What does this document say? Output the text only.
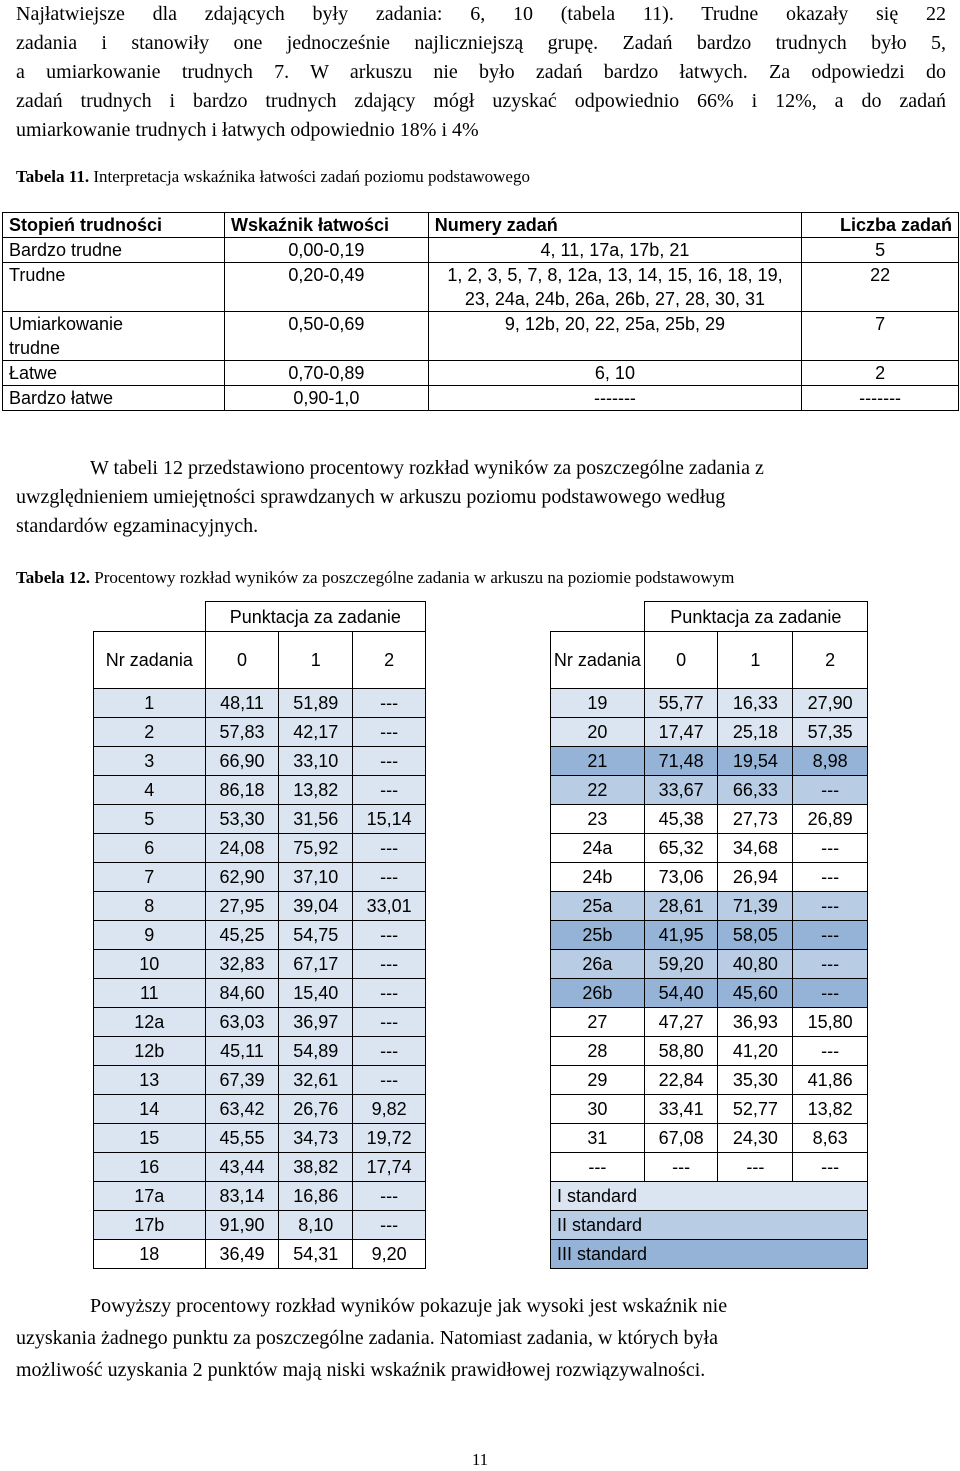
Najłatwiejsze dla zdających były zadania: 6, 10 (tabela 11). Trudne okazały się 22
zadania i stanowiły one jednocześnie najliczniejszą grupę. Zadań bardzo trudnych było 5,
a umiarkowanie trudnych 7. W arkuszu nie było zadań bardzo łatwych. Za odpowiedzi do
zadań trudnych i bardzo trudnych zdający mógł uzyskać odpowiednio 66% i 12%, a do zadań
umiarkowanie trudnych i łatwych odpowiednio 18% i 4%
Tabela 11. Interpretacja wskaźnika łatwości zadań poziomu podstawowego
Stopień trudności	Wskaźnik łatwości	Numery zadań	Liczba zadań
Bardzo trudne	0,00-0,19	4, 11, 17a, 17b, 21	5
Trudne	0,20-0,49	1, 2, 3, 5, 7, 8, 12a, 13, 14, 15, 16, 18, 19, 23, 24a, 24b, 26a, 26b, 27, 28, 30, 31	22
Umiarkowanie trudne	0,50-0,69	9, 12b, 20, 22, 25a, 25b, 29	7
Łatwe	0,70-0,89	6, 10	2
Bardzo łatwe	0,90-1,0	-------	-------
W tabeli 12 przedstawiono procentowy rozkład wyników za poszczególne zadania z
uwzględnieniem umiejętności sprawdzanych w arkuszu poziomu podstawowego według
standardów egzaminacyjnych.
Tabela 12. Procentowy rozkład wyników za poszczególne zadania w arkuszu na poziomie podstawowym
	Punktacja za zadanie		
Nr zadania	0	1	2
1	48,11	51,89	---
2	57,83	42,17	---
3	66,90	33,10	---
4	86,18	13,82	---
5	53,30	31,56	15,14
6	24,08	75,92	---
7	62,90	37,10	---
8	27,95	39,04	33,01
9	45,25	54,75	---
10	32,83	67,17	---
11	84,60	15,40	---
12a	63,03	36,97	---
12b	45,11	54,89	---
13	67,39	32,61	---
14	63,42	26,76	9,82
15	45,55	34,73	19,72
16	43,44	38,82	17,74
17a	83,14	16,86	---
17b	91,90	8,10	---
18	36,49	54,31	9,20
	Punktacja za zadanie		
Nr zadania	0	1	2
19	55,77	16,33	27,90
20	17,47	25,18	57,35
21	71,48	19,54	8,98
22	33,67	66,33	---
23	45,38	27,73	26,89
24a	65,32	34,68	---
24b	73,06	26,94	---
25a	28,61	71,39	---
25b	41,95	58,05	---
26a	59,20	40,80	---
26b	54,40	45,60	---
27	47,27	36,93	15,80
28	58,80	41,20	---
29	22,84	35,30	41,86
30	33,41	52,77	13,82
31	67,08	24,30	8,63
---	---	---	---
I standard			
II standard			
III standard			
Powyższy procentowy rozkład wyników pokazuje jak wysoki jest wskaźnik nie
uzyskania żadnego punktu za poszczególne zadania. Natomiast zadania, w których była
możliwość uzyskania 2 punktów mają niski wskaźnik prawidłowej rozwiązywalności.
11
